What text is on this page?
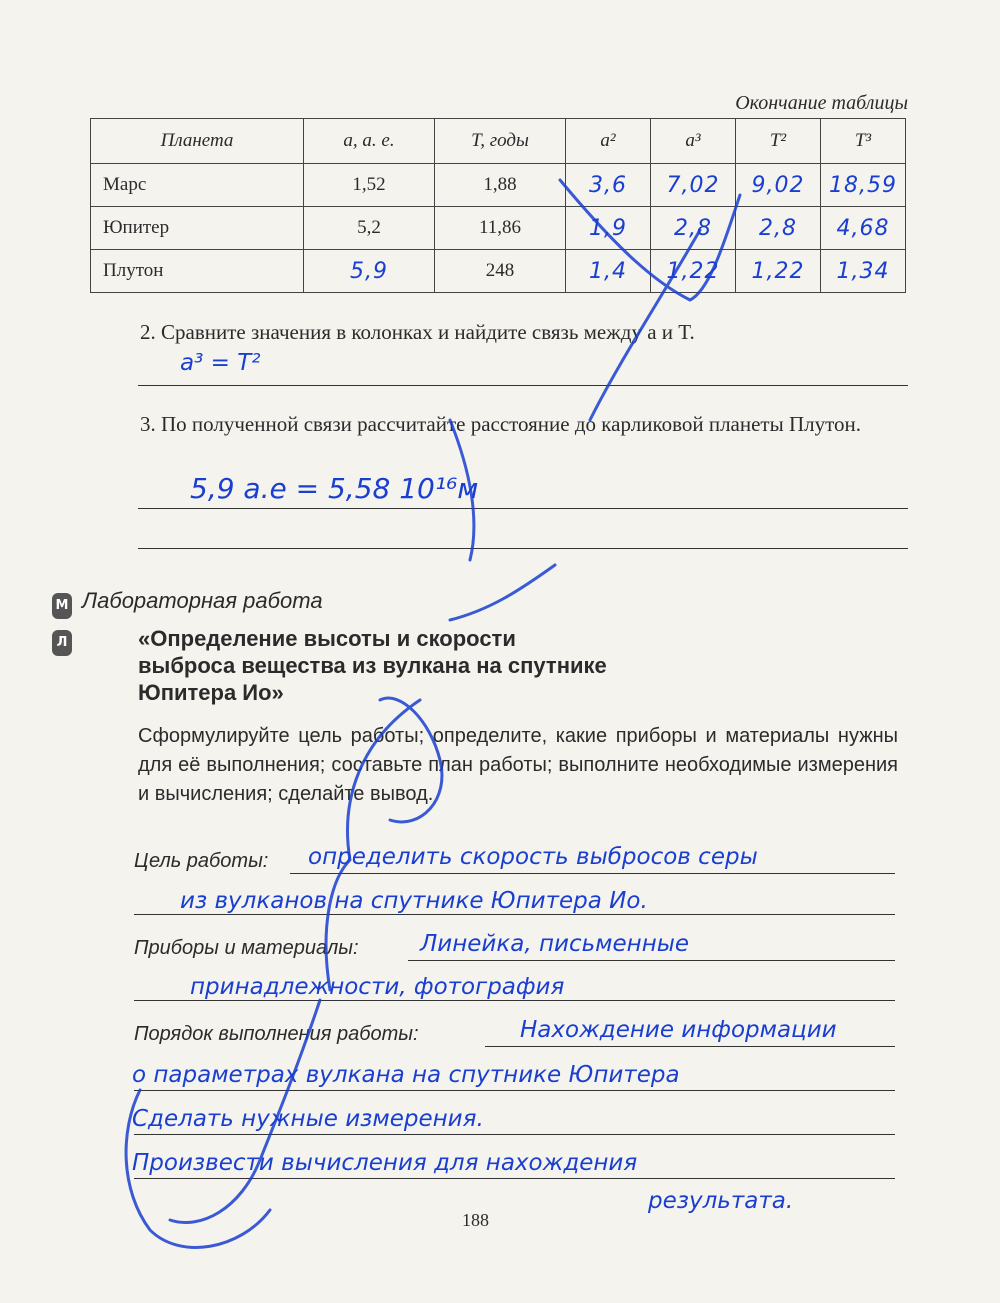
Окончание таблицы
Планета	a, а. е.	T, годы	a²	a³	T²	T³
Марс	1,52	1,88	3,6	7,02	9,02	18,59
Юпитер	5,2	11,86	1,9	2,8	2,8	4,68
Плутон	5,9	248	1,4	1,22	1,22	1,34
2. Сравните значения в колонках и найдите связь между a и T.
a³ = T²
3. По полученной связи рассчитайте расстояние до карликовой планеты Плутон.
5,9 а.е = 5,58 10¹⁶м
М
Л
Лабораторная работа
«Определение высоты и скорости выброса вещества из вулкана на спутнике Юпитера Ио»
Сформулируйте цель работы; определите, какие приборы и материалы нужны для её выполнения; составьте план работы; выполните необходимые измерения и вычисления; сделайте вывод.
Цель работы: определить скорость выбросов серы
из вулканов на спутнике Юпитера Ио.
Приборы и материалы:	Линейка, письменные
принадлежности, фотография
Порядок выполнения работы:	Нахождение информации
о параметрах вулкана на спутнике Юпитера
Сделать нужные измерения.
Произвести вычисления для нахождения
результата.
188
